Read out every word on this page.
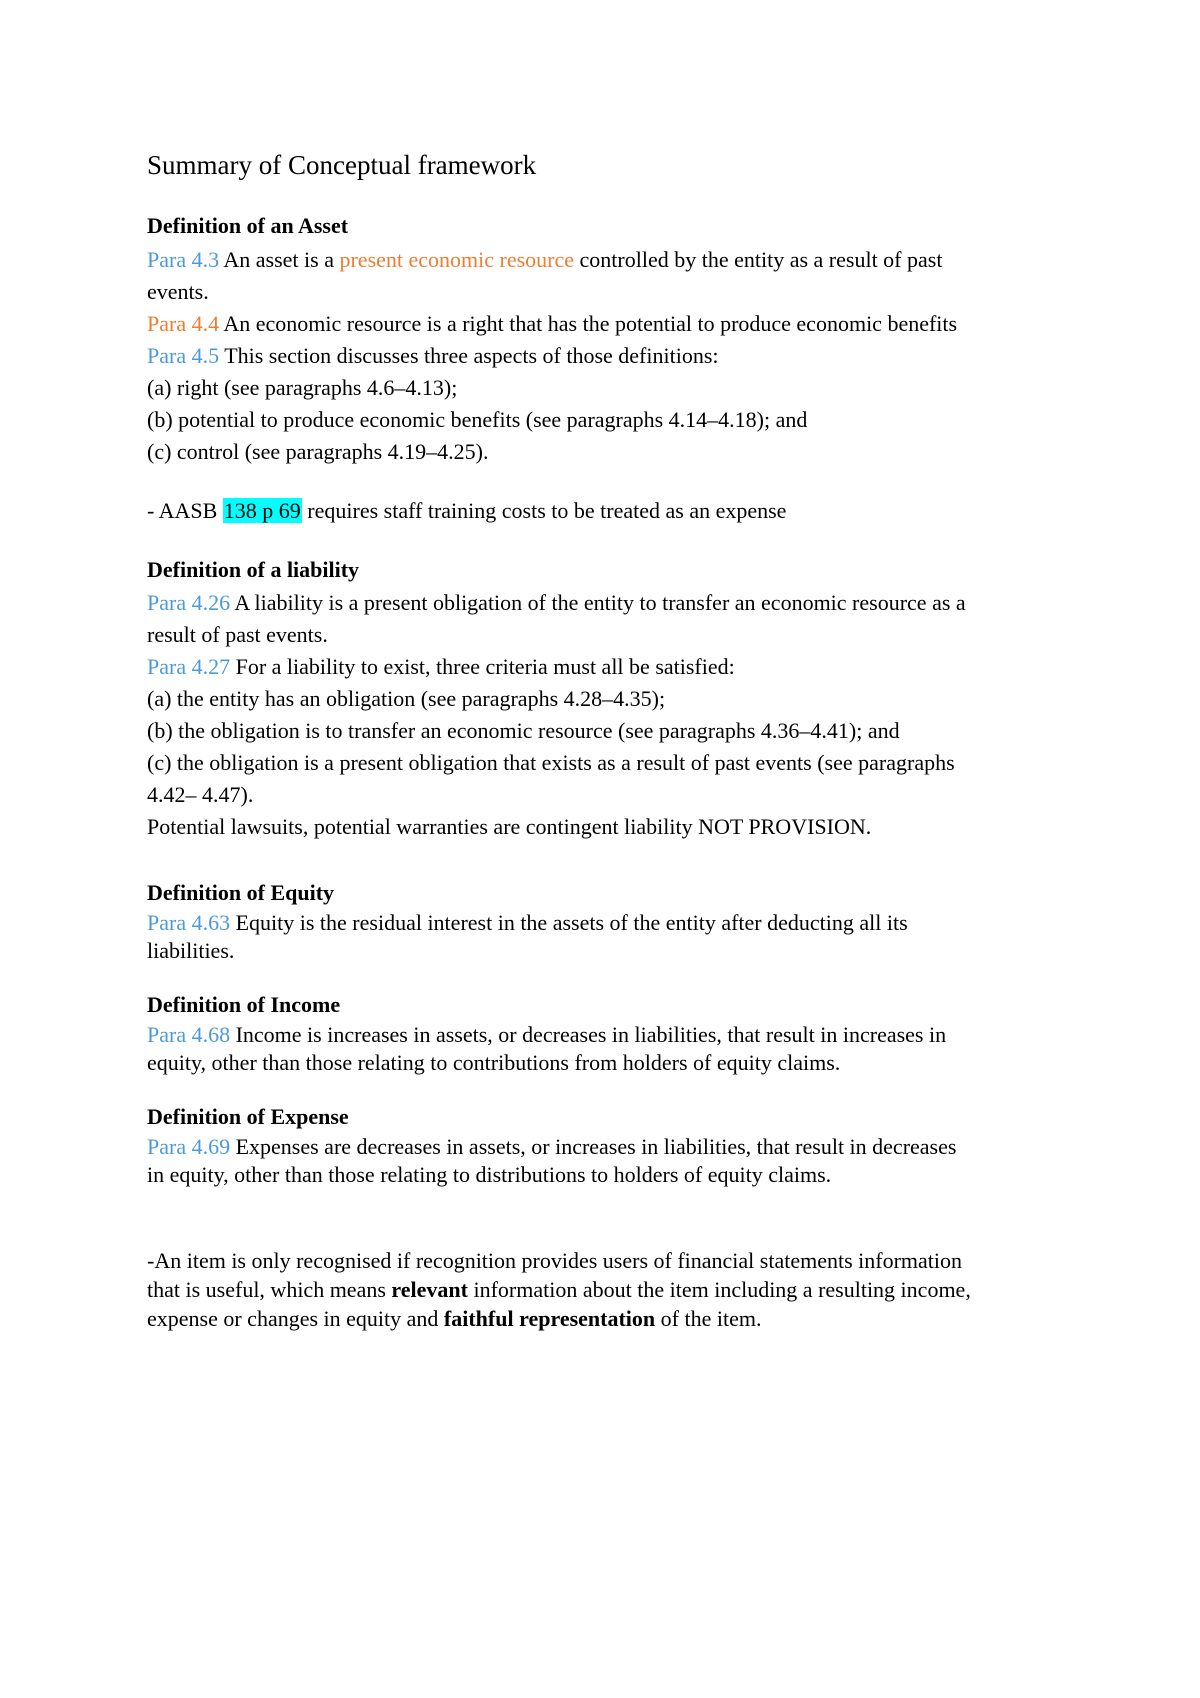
Summary of Conceptual framework
Definition of an Asset
Para 4.3 An asset is a present economic resource controlled by the entity as a result of past
events.
Para 4.4 An economic resource is a right that has the potential to produce economic benefits
Para 4.5 This section discusses three aspects of those definitions:
(a) right (see paragraphs 4.6–4.13);
(b) potential to produce economic benefits (see paragraphs 4.14–4.18); and
(c) control (see paragraphs 4.19–4.25).
- AASB 138 p 69 requires staff training costs to be treated as an expense
Definition of a liability
Para 4.26 A liability is a present obligation of the entity to transfer an economic resource as a
result of past events.
Para 4.27 For a liability to exist, three criteria must all be satisfied:
(a) the entity has an obligation (see paragraphs 4.28–4.35);
(b) the obligation is to transfer an economic resource (see paragraphs 4.36–4.41); and
(c) the obligation is a present obligation that exists as a result of past events (see paragraphs
4.42– 4.47).
Potential lawsuits, potential warranties are contingent liability NOT PROVISION.
Definition of Equity
Para 4.63 Equity is the residual interest in the assets of the entity after deducting all its
liabilities.
Definition of Income
Para 4.68 Income is increases in assets, or decreases in liabilities, that result in increases in
equity, other than those relating to contributions from holders of equity claims.
Definition of Expense
Para 4.69 Expenses are decreases in assets, or increases in liabilities, that result in decreases
in equity, other than those relating to distributions to holders of equity claims.
-An item is only recognised if recognition provides users of financial statements information
that is useful, which means relevant information about the item including a resulting income,
expense or changes in equity and faithful representation of the item.
